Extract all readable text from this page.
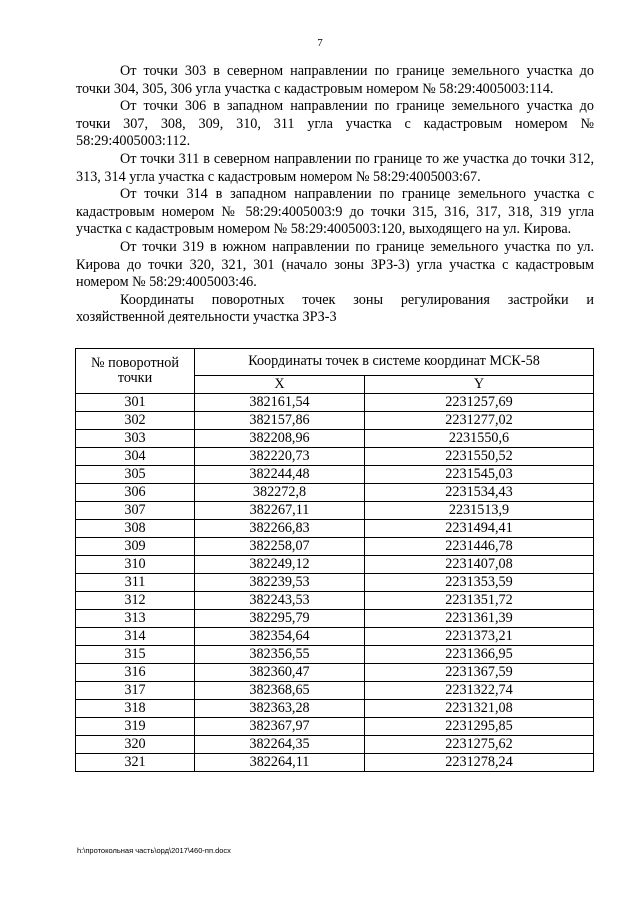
7

От точки 303 в северном направлении по границе земельного участка до точки 304, 305, 306 угла участка с кадастровым номером № 58:29:4005003:114.

От точки 306 в западном направлении по границе земельного участка до точки 307, 308, 309, 310, 311 угла участка с кадастровым номером № 58:29:4005003:112.

От точки 311 в северном направлении по границе то же участка до точки 312, 313, 314 угла участка с кадастровым номером № 58:29:4005003:67.

От точки 314 в западном направлении по границе земельного участка с кадастровым номером № 58:29:4005003:9 до точки 315, 316, 317, 318, 319 угла участка с кадастровым номером № 58:29:4005003:120, выходящего на ул. Кирова.

От точки 319 в южном направлении по границе земельного участка по ул. Кирова до точки 320, 321, 301 (начало зоны ЗРЗ-3) угла участка с кадастровым номером № 58:29:4005003:46.

Координаты поворотных точек зоны регулирования застройки и хозяйственной деятельности участка ЗРЗ-3

№ поворотной точки	Координаты точек в системе координат МСК-58	
	X	Y
301	382161,54	2231257,69
302	382157,86	2231277,02
303	382208,96	2231550,6
304	382220,73	2231550,52
305	382244,48	2231545,03
306	382272,8	2231534,43
307	382267,11	2231513,9
308	382266,83	2231494,41
309	382258,07	2231446,78
310	382249,12	2231407,08
311	382239,53	2231353,59
312	382243,53	2231351,72
313	382295,79	2231361,39
314	382354,64	2231373,21
315	382356,55	2231366,95
316	382360,47	2231367,59
317	382368,65	2231322,74
318	382363,28	2231321,08
319	382367,97	2231295,85
320	382264,35	2231275,62
321	382264,11	2231278,24
h:\протокольная часть\орд\2017\460-пп.docx
